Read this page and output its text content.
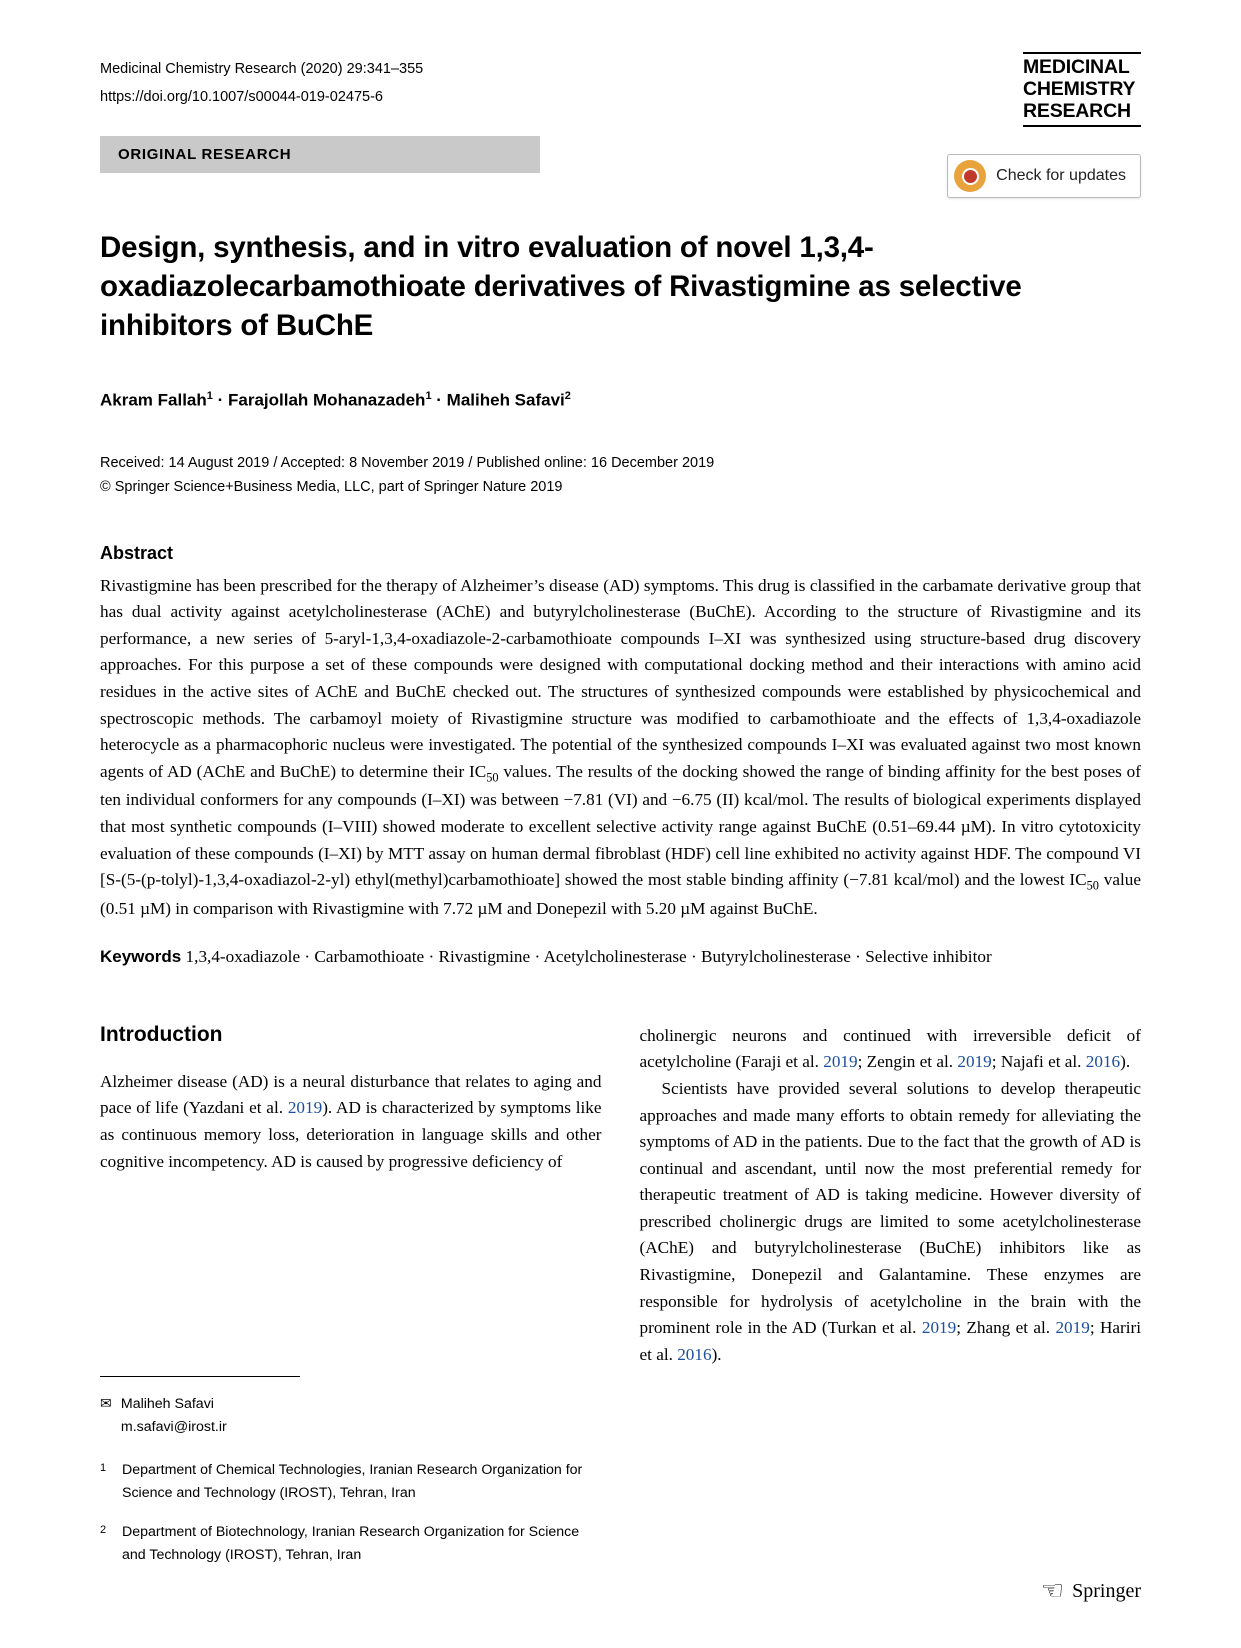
Medicinal Chemistry Research (2020) 29:341–355
https://doi.org/10.1007/s00044-019-02475-6
MEDICINAL
CHEMISTRY
RESEARCH
ORIGINAL RESEARCH
Check for updates
Design, synthesis, and in vitro evaluation of novel 1,3,4-oxadiazolecarbamothioate derivatives of Rivastigmine as selective inhibitors of BuChE
Akram Fallah$^1$ · Farajollah Mohanazadeh$^1$ · Maliheh Safavi$^2$
Received: 14 August 2019 / Accepted: 8 November 2019 / Published online: 16 December 2019
© Springer Science+Business Media, LLC, part of Springer Nature 2019
Abstract
Rivastigmine has been prescribed for the therapy of Alzheimer’s disease (AD) symptoms. This drug is classified in the carbamate derivative group that has dual activity against acetylcholinesterase (AChE) and butyrylcholinesterase (BuChE). According to the structure of Rivastigmine and its performance, a new series of 5-aryl-1,3,4-oxadiazole-2-carbamothioate compounds I–XI was synthesized using structure-based drug discovery approaches. For this purpose a set of these compounds were designed with computational docking method and their interactions with amino acid residues in the active sites of AChE and BuChE checked out. The structures of synthesized compounds were established by physicochemical and spectroscopic methods. The carbamoyl moiety of Rivastigmine structure was modified to carbamothioate and the effects of 1,3,4-oxadiazole heterocycle as a pharmacophoric nucleus were investigated. The potential of the synthesized compounds I–XI was evaluated against two most known agents of AD (AChE and BuChE) to determine their $IC_{50}$ values. The results of the docking showed the range of binding affinity for the best poses of ten individual conformers for any compounds (I–XI) was between −7.81 (VI) and −6.75 (II) kcal/mol. The results of biological experiments displayed that most synthetic compounds (I–VIII) showed moderate to excellent selective activity range against BuChE (0.51–69.44 µM). In vitro cytotoxicity evaluation of these compounds (I–XI) by MTT assay on human dermal fibroblast (HDF) cell line exhibited no activity against HDF. The compound VI [S-(5-(p-tolyl)-1,3,4-oxadiazol-2-yl) ethyl(methyl)carbamothioate] showed the most stable binding affinity (−7.81 kcal/mol) and the lowest $IC_{50}$ value (0.51 µM) in comparison with Rivastigmine with 7.72 µM and Donepezil with 5.20 µM against BuChE.
Keywords 1,3,4-oxadiazole · Carbamothioate · Rivastigmine · Acetylcholinesterase · Butyrylcholinesterase · Selective inhibitor
Introduction
Alzheimer disease (AD) is a neural disturbance that relates to aging and pace of life (Yazdani et al. 2019). AD is characterized by symptoms like as continuous memory loss, deterioration in language skills and other cognitive incompetency. AD is caused by progressive deficiency of
✉ Maliheh Safavi
m.safavi@irost.ir
1 Department of Chemical Technologies, Iranian Research Organization for Science and Technology (IROST), Tehran, Iran
2 Department of Biotechnology, Iranian Research Organization for Science and Technology (IROST), Tehran, Iran
cholinergic neurons and continued with irreversible deficit of acetylcholine (Faraji et al. 2019; Zengin et al. 2019; Najafi et al. 2016).
Scientists have provided several solutions to develop therapeutic approaches and made many efforts to obtain remedy for alleviating the symptoms of AD in the patients. Due to the fact that the growth of AD is continual and ascendant, until now the most preferential remedy for therapeutic treatment of AD is taking medicine. However diversity of prescribed cholinergic drugs are limited to some acetylcholinesterase (AChE) and butyrylcholinesterase (BuChE) inhibitors like as Rivastigmine, Donepezil and Galantamine. These enzymes are responsible for hydrolysis of acetylcholine in the brain with the prominent role in the AD (Turkan et al. 2019; Zhang et al. 2019; Hariri et al. 2016).
☜ Springer
